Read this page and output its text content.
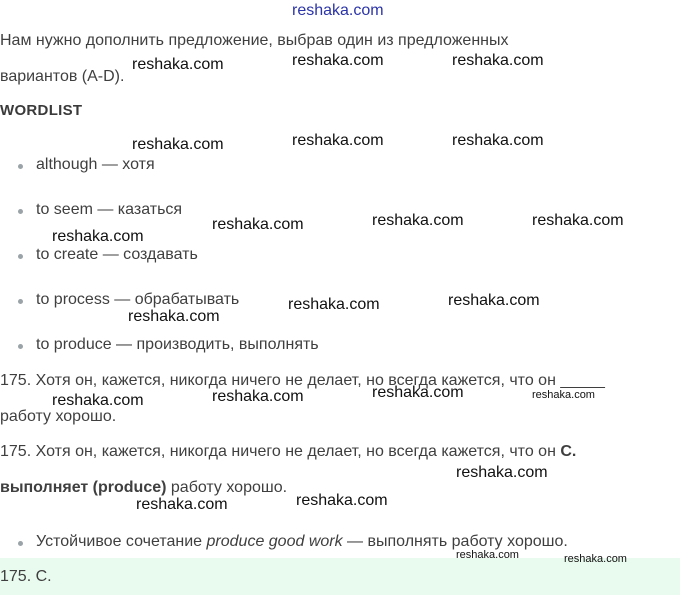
reshaka.com
Нам нужно дополнить предложение, выбрав один из предложенных
вариантов (A-D).
WORDLIST
although — хотя
to seem — казаться
to create — создавать
to process — обрабатывать
to produce — производить, выполнять
175. Хотя он, кажется, никогда ничего не делает, но всегда кажется, что он _____
работу хорошо.
175. Хотя он, кажется, никогда ничего не делает, но всегда кажется, что он C.
выполняет (produce) работу хорошо.
Устойчивое сочетание produce good work — выполнять работу хорошо.
175. C.
reshaka.com	reshaka.com	reshaka.com
reshaka.com	reshaka.com	reshaka.com
reshaka.com	reshaka.com	reshaka.com
reshaka.com
reshaka.com	reshaka.com
reshaka.com
reshaka.com	reshaka.com	reshaka.com	reshaka.com
reshaka.com
reshaka.com
reshaka.com
reshaka.com	reshaka.com
